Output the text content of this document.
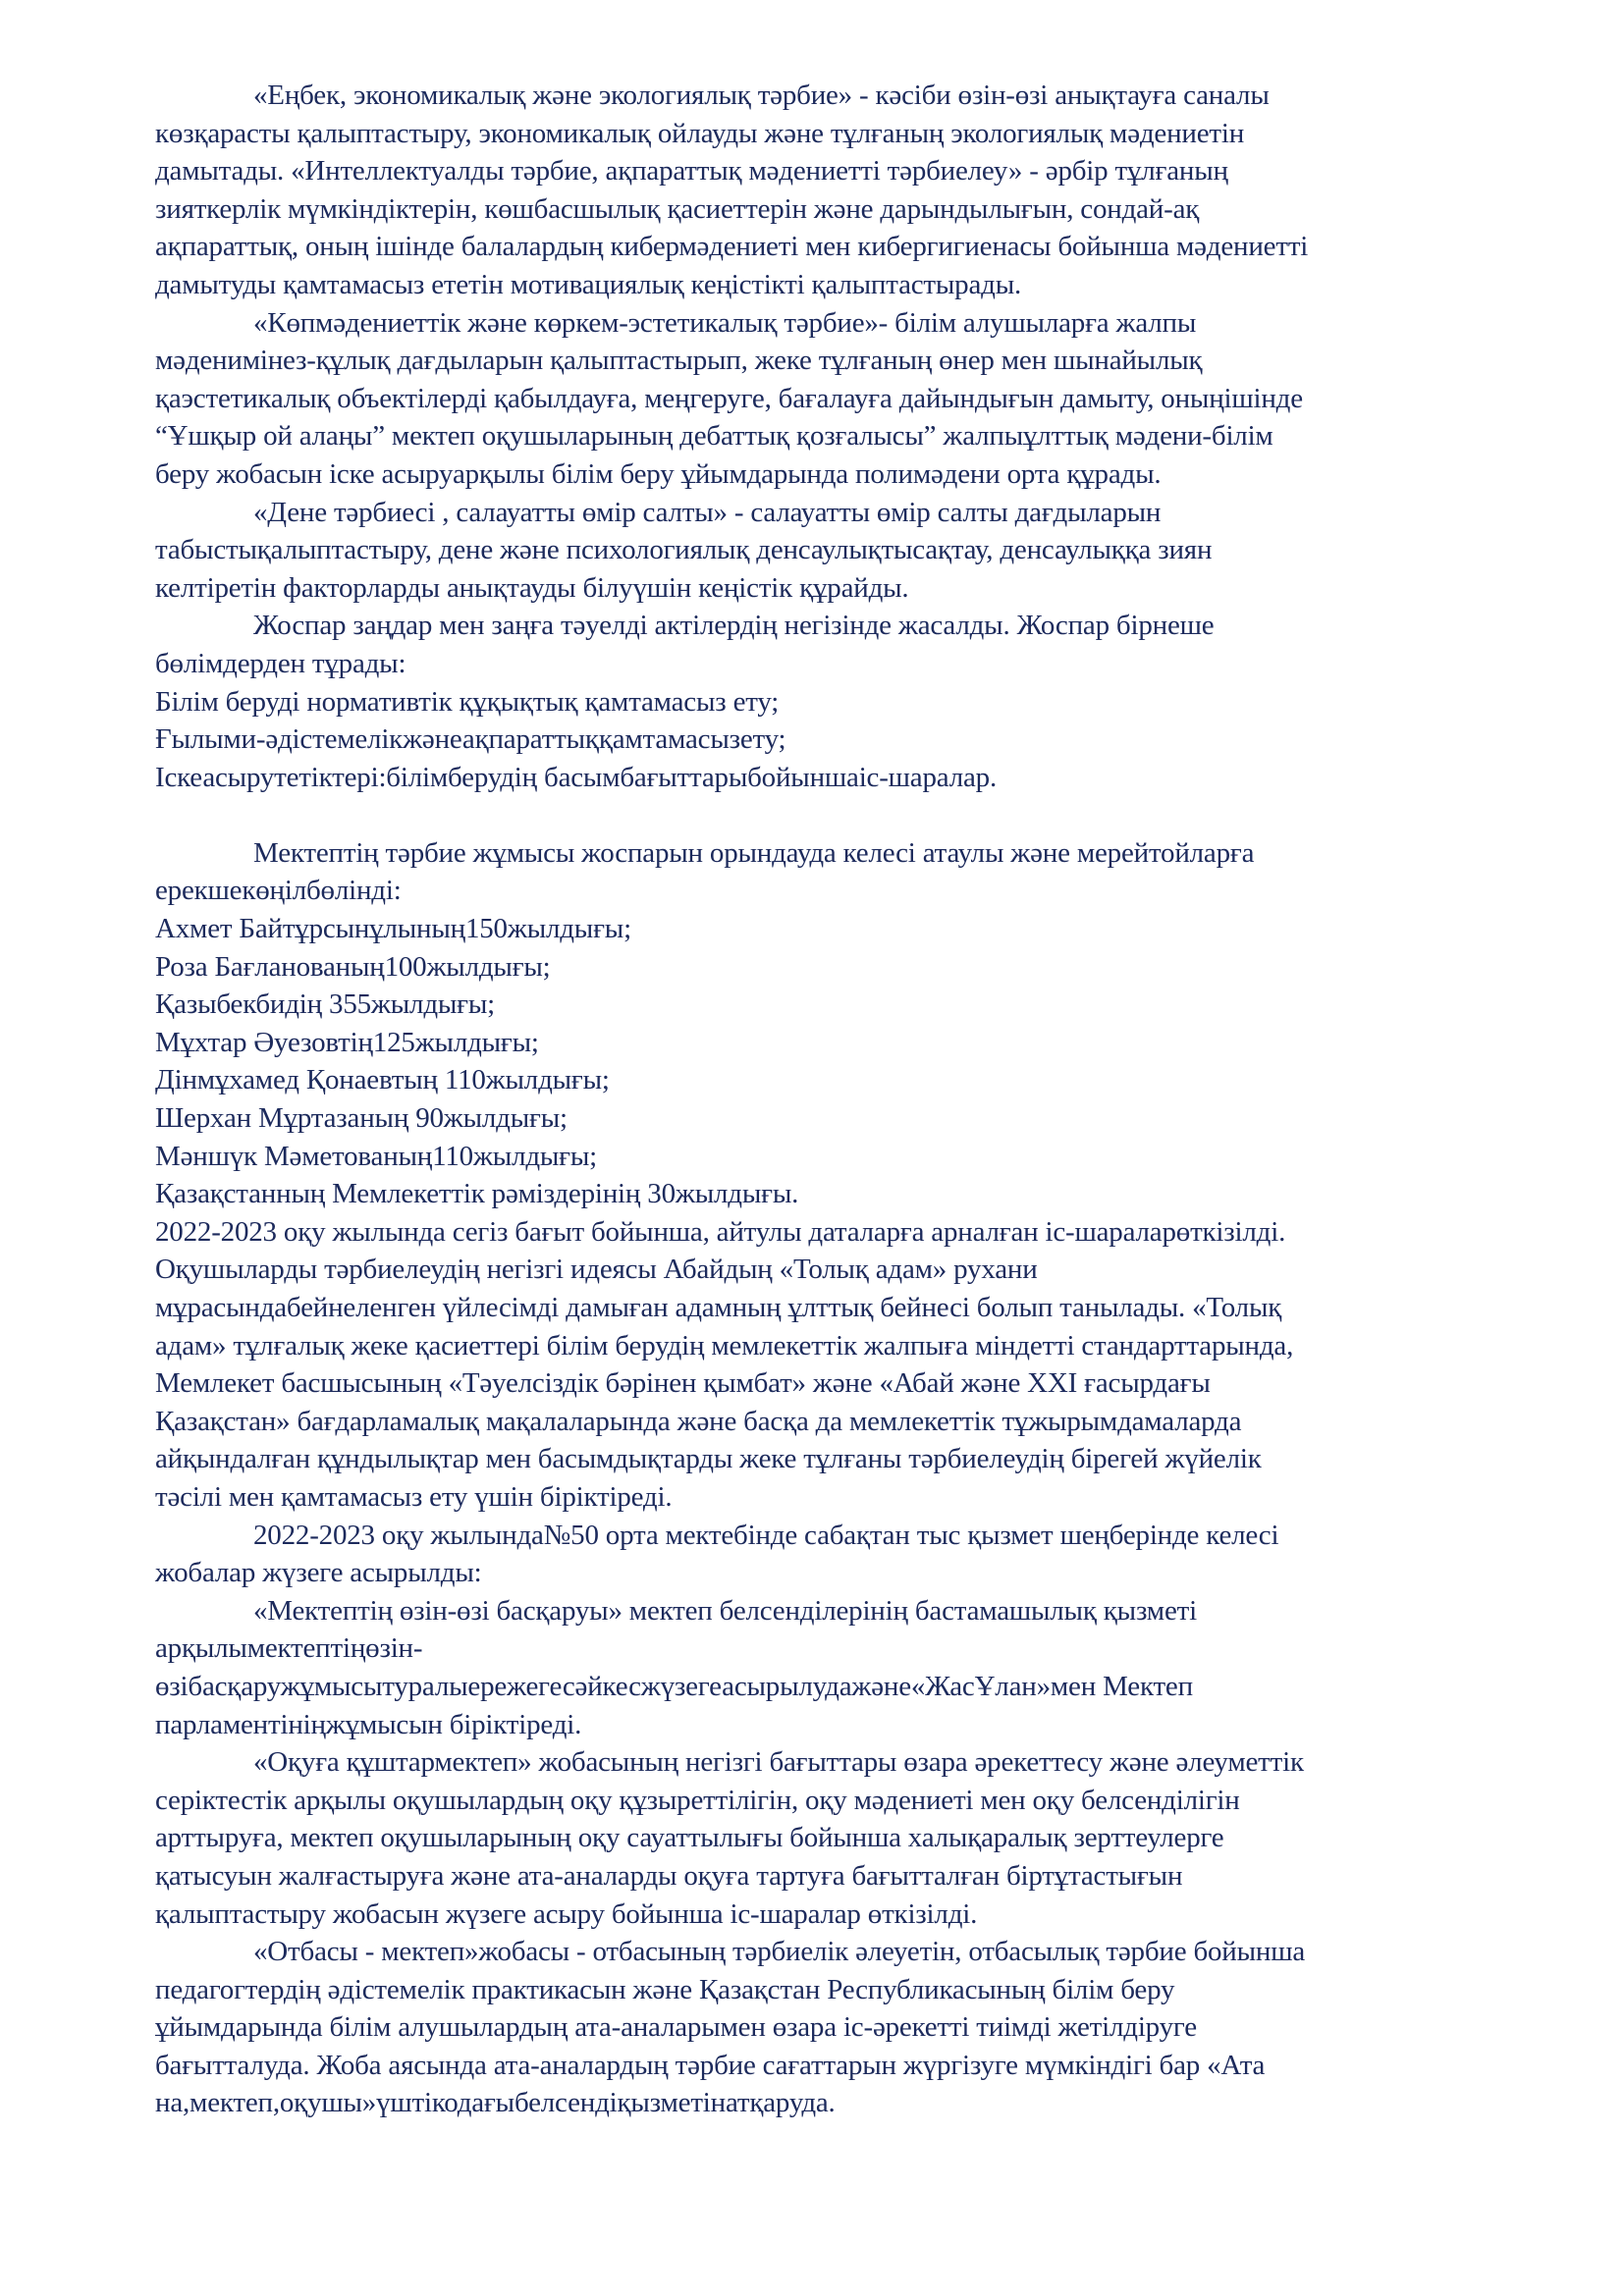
«Еңбек, экономикалық және экологиялық тәрбие» - кәсіби өзін-өзі анықтауға саналы
көзқарасты қалыптастыру, экономикалық ойлауды және тұлғаның экологиялық мәдениетін
дамытады. «Интеллектуалды тәрбие, ақпараттық мәдениетті тәрбиелеу» - әрбір тұлғаның
зияткерлік мүмкіндіктерін, көшбасшылық қасиеттерін және дарындылығын, сондай-ақ
ақпараттық, оның ішінде балалардың кибермәдениеті мен кибергигиенасы бойынша мәдениетті
дамытуды қамтамасыз ететін мотивациялық кеңістікті қалыптастырады.
«Көпмәдениеттік және көркем-эстетикалық тәрбие»- білім алушыларға жалпы
мәденимінез-құлық дағдыларын қалыптастырып, жеке тұлғаның өнер мен шынайылық
қаэстетикалық объектілерді қабылдауға, меңгеруге, бағалауға дайындығын дамыту, оныңішінде
“Ұшқыр ой алаңы” мектеп оқушыларының дебаттық қозғалысы” жалпыұлттық мәдени-білім
беру жобасын іске асыруарқылы білім беру ұйымдарында полимәдени орта құрады.
«Дене тәрбиесі , салауатты өмір салты» - салауатты өмір салты дағдыларын
табыстықалыптастыру, дене және психологиялық денсаулықтысақтау, денсаулыққа зиян
келтіретін факторларды анықтауды білуүшін кеңістік құрайды.
Жоспар заңдар мен заңға тәуелді актілердің негізінде жасалды. Жоспар бірнеше
бөлімдерден тұрады:
Білім беруді нормативтік құқықтық қамтамасыз ету;
Ғылыми-әдістемелікжәнеақпараттыққамтамасызету;
Іскеасырутетіктері:білімберудің басымбағыттарыбойыншаіс-шаралар.
Мектептің тәрбие жұмысы жоспарын орындауда келесі атаулы және мерейтойларға
ерекшекөңілбөлінді:
Ахмет Байтұрсынұлының150жылдығы;
Роза Бағланованың100жылдығы;
Қазыбекбидің 355жылдығы;
Мұхтар Әуезовтің125жылдығы;
Дінмұхамед Қонаевтың 110жылдығы;
Шерхан Мұртазаның 90жылдығы;
Мәншүк Мәметованың110жылдығы;
Қазақстанның Мемлекеттік рәміздерінің 30жылдығы.
2022-2023 оқу жылында сегіз бағыт бойынша, айтулы даталарға арналған іс-шараларөткізілді.
Оқушыларды тәрбиелеудің негізгі идеясы Абайдың «Толық адам» рухани
мұрасындабейнеленген үйлесімді дамыған адамның ұлттық бейнесі болып танылады. «Толық
адам» тұлғалық жеке қасиеттері білім берудің мемлекеттік жалпыға міндетті стандарттарында,
Мемлекет басшысының «Тәуелсіздік бәрінен қымбат» және «Абай және XXI ғасырдағы
Қазақстан» бағдарламалық мақалаларында және басқа да мемлекеттік тұжырымдамаларда
айқындалған құндылықтар мен басымдықтарды жеке тұлғаны тәрбиелеудің бірегей жүйелік
тәсілі мен қамтамасыз ету үшін біріктіреді.
2022-2023 оқу жылында№50 орта мектебінде сабақтан тыс қызмет шеңберінде келесі
жобалар жүзеге асырылды:
«Мектептің өзін-өзі басқаруы» мектеп белсенділерінің бастамашылық қызметі
арқылымектептіңөзін-
өзібасқаружұмысытуралыережегесәйкесжүзегеасырылудажәне«ЖасҰлан»мен Мектеп
парламентініңжұмысын біріктіреді.
«Оқуға құштармектеп» жобасының негізгі бағыттары өзара әрекеттесу және әлеуметтік
серіктестік арқылы оқушылардың оқу құзыреттілігін, оқу мәдениеті мен оқу белсенділігін
арттыруға, мектеп оқушыларының оқу сауаттылығы бойынша халықаралық зерттеулерге
қатысуын жалғастыруға және ата-аналарды оқуға тартуға бағытталған біртұтастығын
қалыптастыру жобасын жүзеге асыру бойынша іс-шаралар өткізілді.
«Отбасы - мектеп»жобасы - отбасының тәрбиелік әлеуетін, отбасылық тәрбие бойынша
педагогтердің әдістемелік практикасын және Қазақстан Республикасының білім беру
ұйымдарында білім алушылардың ата-аналарымен өзара іс-әрекетті тиімді жетілдіруге
бағытталуда. Жоба аясында ата-аналардың тәрбие сағаттарын жүргізуге мүмкіндігі бар «Ата
на,мектеп,оқушы»үштікодағыбелсендіқызметінатқаруда.
